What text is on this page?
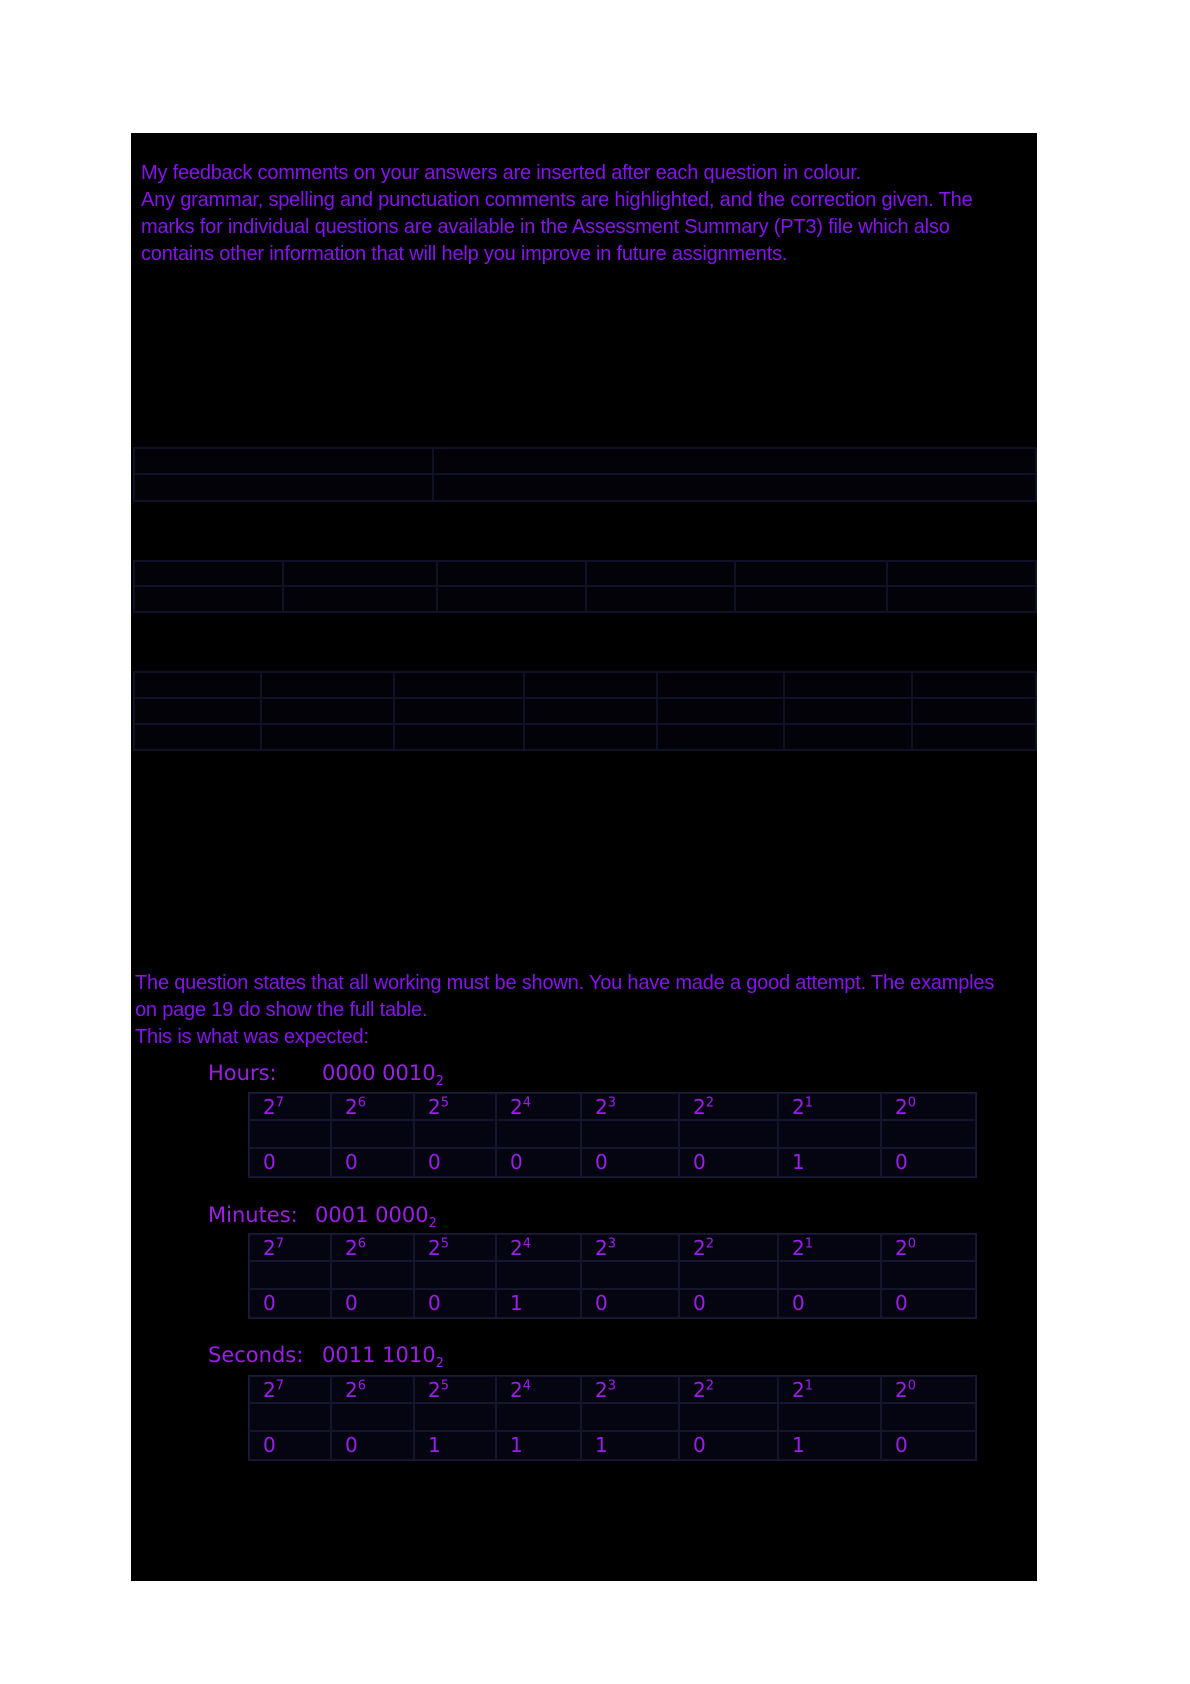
My feedback comments on your answers are inserted after each question in colour.
Any grammar, spelling and punctuation comments are highlighted, and the correction given. The
marks for individual questions are available in the Assessment Summary (PT3) file which also
contains other information that will help you improve in future assignments.
The question states that all working must be shown. You have made a good attempt. The examples
on page 19 do show the full table.
This is what was expected:
Hours: 0000 $0010_2$
$2^7$	$2^6$	$2^5$	$2^4$	$2^3$	$2^2$	$2^1$	$2^0$
0	0	0	0	0	0	1	0
Minutes: 0001 $0000_2$
$2^7$	$2^6$	$2^5$	$2^4$	$2^3$	$2^2$	$2^1$	$2^0$
0	0	0	1	0	0	0	0
Seconds: 0011 $1010_2$
$2^7$	$2^6$	$2^5$	$2^4$	$2^3$	$2^2$	$2^1$	$2^0$
0	0	1	1	1	0	1	0
